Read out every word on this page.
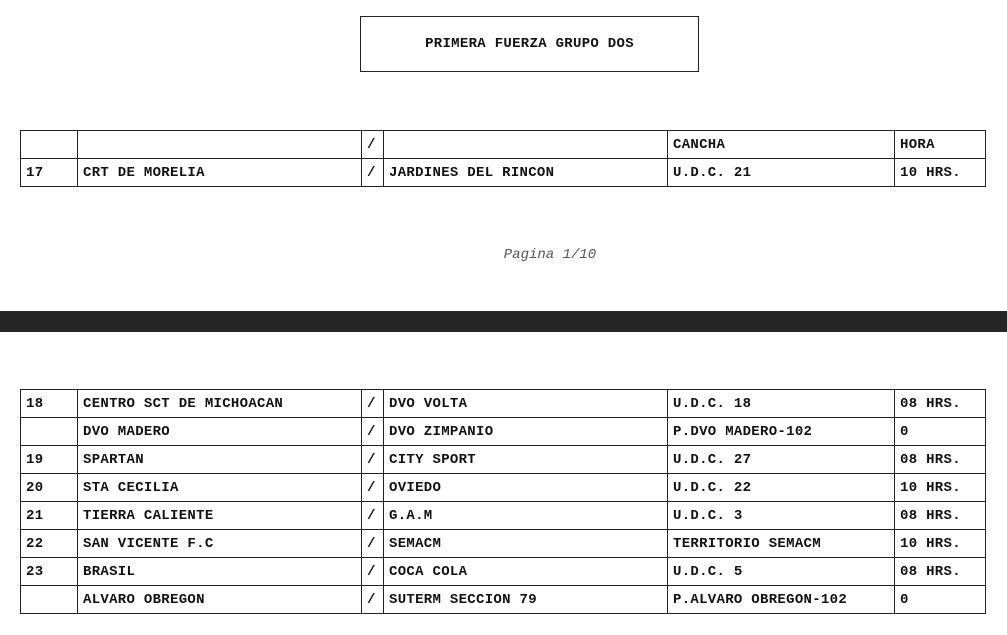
PRIMERA FUERZA GRUPO DOS
		/		CANCHA	HORA
17	CRT DE MORELIA	/	JARDINES DEL RINCON	U.D.C. 21	10 HRS.
Pagina 1/10
18	CENTRO SCT DE MICHOACAN	/	DVO VOLTA	U.D.C. 18	08 HRS.
	DVO MADERO	/	DVO ZIMPANIO	P.DVO MADERO-102	0
19	SPARTAN	/	CITY SPORT	U.D.C. 27	08 HRS.
20	STA CECILIA	/	OVIEDO	U.D.C. 22	10 HRS.
21	TIERRA CALIENTE	/	G.A.M	U.D.C. 3	08 HRS.
22	SAN VICENTE F.C	/	SEMACM	TERRITORIO SEMACM	10 HRS.
23	BRASIL	/	COCA COLA	U.D.C. 5	08 HRS.
	ALVARO OBREGON	/	SUTERM SECCION 79	P.ALVARO OBREGON-102	0
